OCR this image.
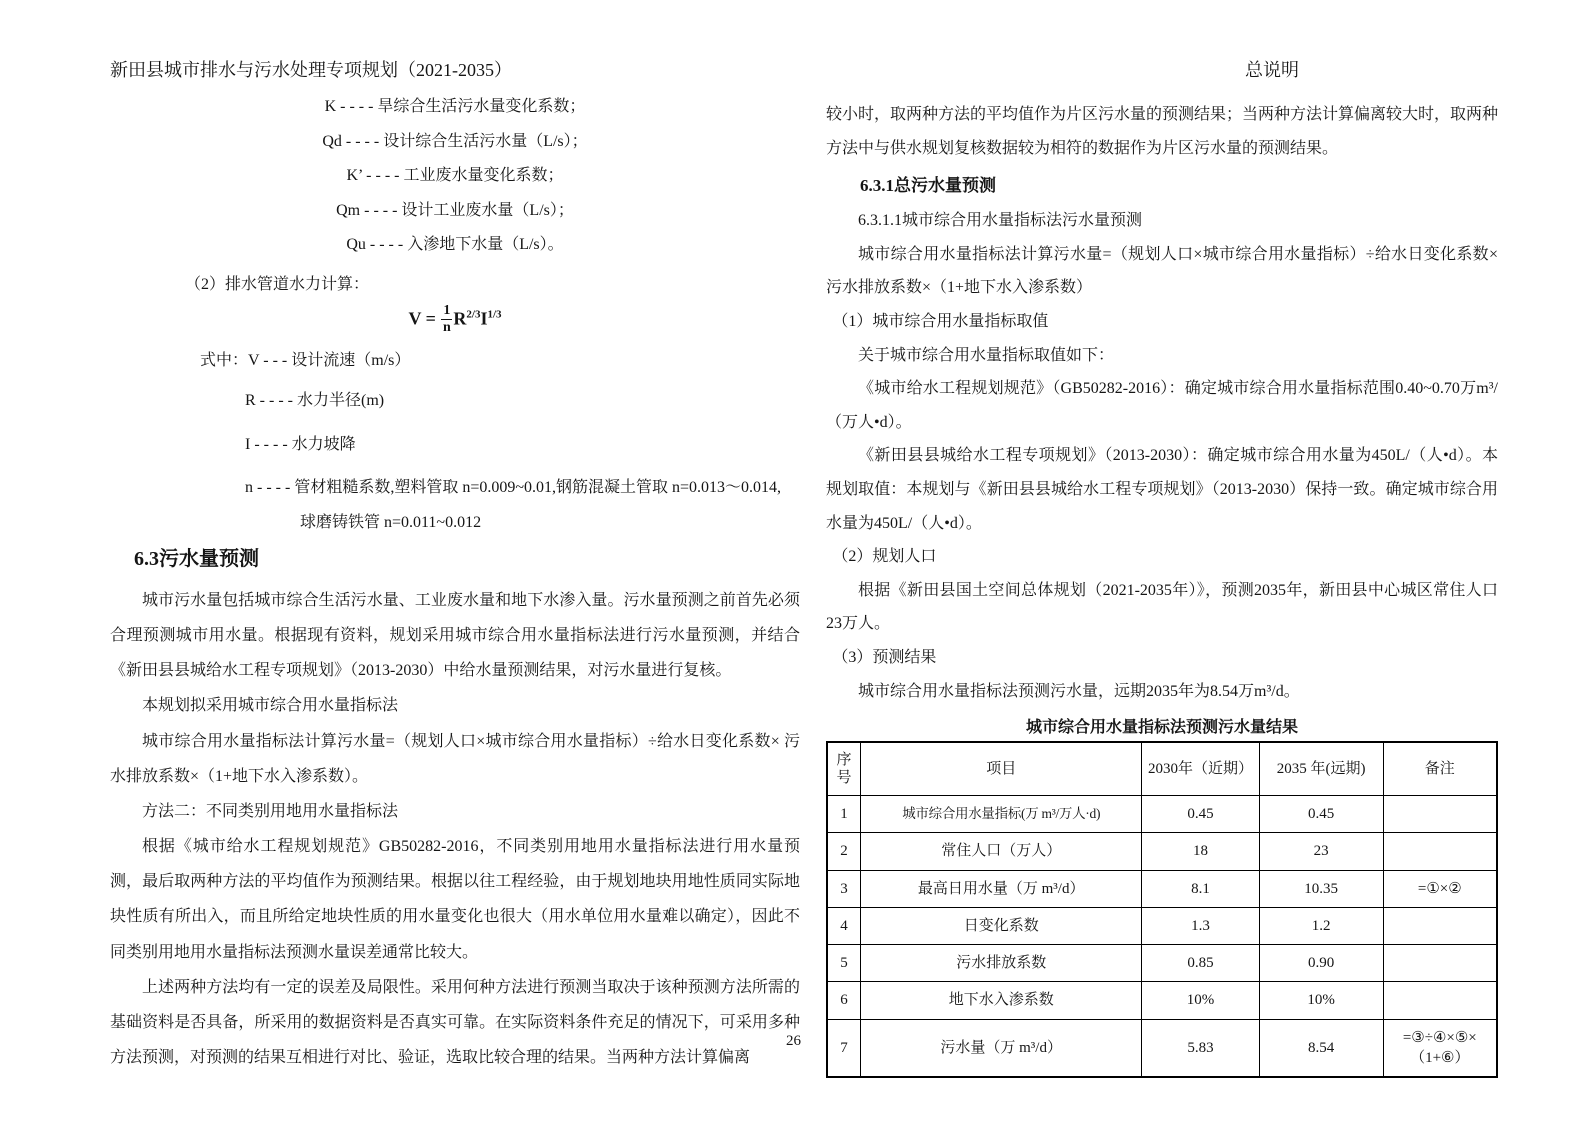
新田县城市排水与污水处理专项规划（2021-2035）	总说明

K - - - - 旱综合生活污水量变化系数；

Qd - - - - 设计综合生活污水量（L/s）；

K’ - - - - 工业废水量变化系数；

Qm - - - - 设计工业废水量（L/s）；

Qu - - - - 入渗地下水量（L/s）。

（2）排水管道水力计算：

$V = \frac{1}{n} R^{2/3}I^{1/3}$

式中：V - - - 设计流速（m/s）

R - - - - 水力半径(m)

I - - - - 水力坡降

n - - - - 管材粗糙系数,塑料管取 n=0.009~0.01,钢筋混凝土管取 n=0.013～0.014,

球磨铸铁管 n=0.011~0.012

6.3污水量预测

城市污水量包括城市综合生活污水量、工业废水量和地下水渗入量。污水量预测之前首先必须合理预测城市用水量。根据现有资料，规划采用城市综合用水量指标法进行污水量预测，并结合《新田县县城给水工程专项规划》（2013-2030）中给水量预测结果，对污水量进行复核。

本规划拟采用城市综合用水量指标法

城市综合用水量指标法计算污水量=（规划人口×城市综合用水量指标）÷给水日变化系数× 污水排放系数×（1+地下水入渗系数）。

方法二：不同类别用地用水量指标法

根据《城市给水工程规划规范》GB50282-2016，不同类别用地用水量指标法进行用水量预测，最后取两种方法的平均值作为预测结果。根据以往工程经验，由于规划地块用地性质同实际地块性质有所出入，而且所给定地块性质的用水量变化也很大（用水单位用水量难以确定），因此不同类别用地用水量指标法预测水量误差通常比较大。

上述两种方法均有一定的误差及局限性。采用何种方法进行预测当取决于该种预测方法所需的基础资料是否具备，所采用的数据资料是否真实可靠。在实际资料条件充足的情况下，可采用多种方法预测，对预测的结果互相进行对比、验证，选取比较合理的结果。当两种方法计算偏离

较小时，取两种方法的平均值作为片区污水量的预测结果；当两种方法计算偏离较大时，取两种方法中与供水规划复核数据较为相符的数据作为片区污水量的预测结果。

6.3.1总污水量预测

6.3.1.1城市综合用水量指标法污水量预测

城市综合用水量指标法计算污水量=（规划人口×城市综合用水量指标）÷给水日变化系数× 污水排放系数×（1+地下水入渗系数）

（1）城市综合用水量指标取值

关于城市综合用水量指标取值如下：

《城市给水工程规划规范》（GB50282-2016）：确定城市综合用水量指标范围0.40~0.70万m³/（万人•d）。

《新田县县城给水工程专项规划》（2013-2030）：确定城市综合用水量为450L/（人•d）。本规划取值：本规划与《新田县县城给水工程专项规划》（2013-2030）保持一致。确定城市综合用水量为450L/（人•d）。

（2）规划人口

根据《新田县国土空间总体规划（2021-2035年）》，预测2035年，新田县中心城区常住人口23万人。

（3）预测结果

城市综合用水量指标法预测污水量，远期2035年为8.54万m³/d。

城市综合用水量指标法预测污水量结果

序号	项目	2030年（近期）	2035 年(远期)	备注
1	城市综合用水量指标(万 m³/万人·d)	0.45	0.45	
2	常住人口（万人）	18	23	
3	最高日用水量（万 m³/d）	8.1	10.35	=①×②
4	日变化系数	1.3	1.2	
5	污水排放系数	0.85	0.90	
6	地下水入渗系数	10%	10%	
7	污水量（万 m³/d）	5.83	8.54	=③÷④×⑤×（1+⑥）
26
